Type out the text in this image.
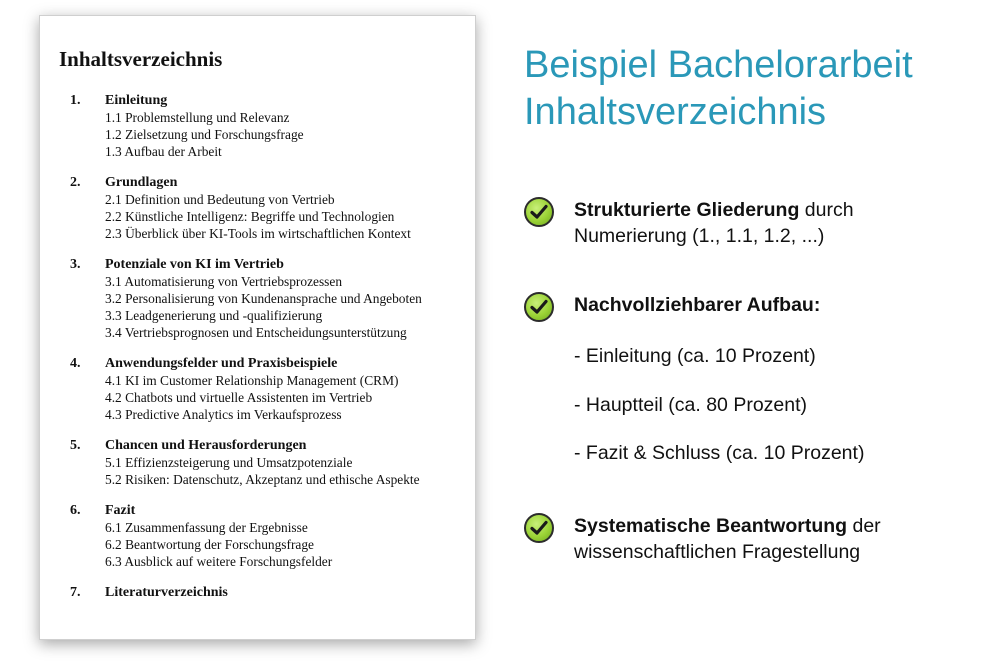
Inhaltsverzeichnis
1.	Einleitung
1.1 Problemstellung und Relevanz
1.2 Zielsetzung und Forschungsfrage
1.3 Aufbau der Arbeit
2.	Grundlagen
2.1 Definition und Bedeutung von Vertrieb
2.2 Künstliche Intelligenz: Begriffe und Technologien
2.3 Überblick über KI-Tools im wirtschaftlichen Kontext
3.	Potenziale von KI im Vertrieb
3.1 Automatisierung von Vertriebsprozessen
3.2 Personalisierung von Kundenansprache und Angeboten
3.3 Leadgenerierung und -qualifizierung
3.4 Vertriebsprognosen und Entscheidungsunterstützung
4.	Anwendungsfelder und Praxisbeispiele
4.1 KI im Customer Relationship Management (CRM)
4.2 Chatbots und virtuelle Assistenten im Vertrieb
4.3 Predictive Analytics im Verkaufsprozess
5.	Chancen und Herausforderungen
5.1 Effizienzsteigerung und Umsatzpotenziale
5.2 Risiken: Datenschutz, Akzeptanz und ethische Aspekte
6.	Fazit
6.1 Zusammenfassung der Ergebnisse
6.2 Beantwortung der Forschungsfrage
6.3 Ausblick auf weitere Forschungsfelder
7.	Literaturverzeichnis
Beispiel Bachelorarbeit
Inhaltsverzeichnis
Strukturierte Gliederung durch
Numerierung (1., 1.1, 1.2, ...)
Nachvollziehbarer Aufbau:
- Einleitung (ca. 10 Prozent)
- Hauptteil (ca. 80 Prozent)
- Fazit & Schluss (ca. 10 Prozent)
Systematische Beantwortung der
wissenschaftlichen Fragestellung
